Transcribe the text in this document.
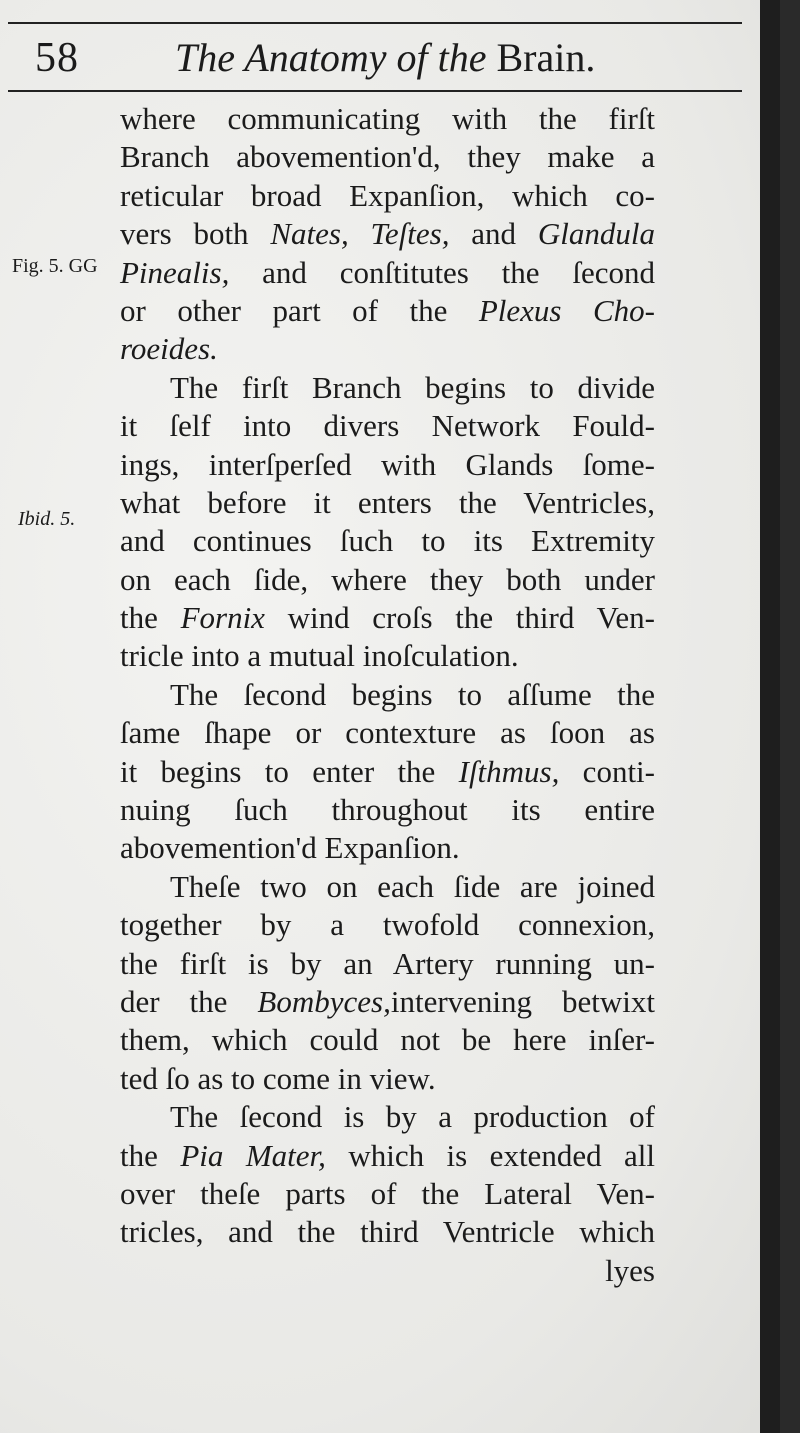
58 The Anatomy of the Brain.
Fig. 5. GG
Ibid. 5.
where communicating with the firſt
Branch abovemention'd, they make a
reticular broad Expanſion, which co-
vers both Nates, Teſtes, and Glandula
Pinealis, and conſtitutes the ſecond
or other part of the Plexus Cho-
roeides.
The firſt Branch begins to divide
it ſelf into divers Network Fould-
ings, interſperſed with Glands ſome-
what before it enters the Ventricles,
and continues ſuch to its Extremity
on each ſide, where they both under
the Fornix wind croſs the third Ven-
tricle into a mutual inoſculation.
The ſecond begins to aſſume the
ſame ſhape or contexture as ſoon as
it begins to enter the Iſthmus, conti-
nuing ſuch throughout its entire
abovemention'd Expanſion.
Theſe two on each ſide are joined
together by a twofold connexion,
the firſt is by an Artery running un-
der the Bombyces,intervening betwixt
them, which could not be here inſer-
ted ſo as to come in view.
The ſecond is by a production of
the Pia Mater, which is extended all
over theſe parts of the Lateral Ven-
tricles, and the third Ventricle which
lyes
